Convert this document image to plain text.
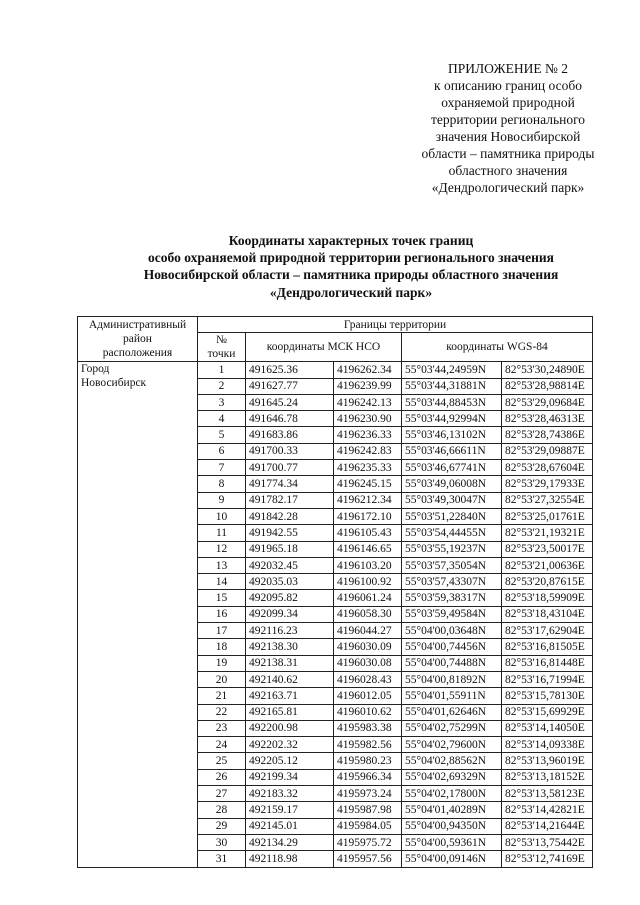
ПРИЛОЖЕНИЕ № 2
к описанию границ особо
охраняемой природной
территории регионального
значения Новосибирской
области – памятника природы
областного значения
«Дендрологический парк»
Координаты характерных точек границ
особо охраняемой природной территории регионального значения
Новосибирской области – памятника природы областного значения
«Дендрологический парк»
Административный
район
расположения	Границы территории				

	№
точки	координаты МСК НСО		координаты WGS-84	

Город
Новосибирск	1	491625.36	4196262.34	55°03'44,24959N	82°53'30,24890E
	2	491627.77	4196239.99	55°03'44,31881N	82°53'28,98814E
	3	491645.24	4196242.13	55°03'44,88453N	82°53'29,09684E
	4	491646.78	4196230.90	55°03'44,92994N	82°53'28,46313E
	5	491683.86	4196236.33	55°03'46,13102N	82°53'28,74386E
	6	491700.33	4196242.83	55°03'46,66611N	82°53'29,09887E
	7	491700.77	4196235.33	55°03'46,67741N	82°53'28,67604E
	8	491774.34	4196245.15	55°03'49,06008N	82°53'29,17933E
	9	491782.17	4196212.34	55°03'49,30047N	82°53'27,32554E
	10	491842.28	4196172.10	55°03'51,22840N	82°53'25,01761E
	11	491942.55	4196105.43	55°03'54,44455N	82°53'21,19321E
	12	491965.18	4196146.65	55°03'55,19237N	82°53'23,50017E
	13	492032.45	4196103.20	55°03'57,35054N	82°53'21,00636E
	14	492035.03	4196100.92	55°03'57,43307N	82°53'20,87615E
	15	492095.82	4196061.24	55°03'59,38317N	82°53'18,59909E
	16	492099.34	4196058.30	55°03'59,49584N	82°53'18,43104E
	17	492116.23	4196044.27	55°04'00,03648N	82°53'17,62904E
	18	492138.30	4196030.09	55°04'00,74456N	82°53'16,81505E
	19	492138.31	4196030.08	55°04'00,74488N	82°53'16,81448E
	20	492140.62	4196028.43	55°04'00,81892N	82°53'16,71994E
	21	492163.71	4196012.05	55°04'01,55911N	82°53'15,78130E
	22	492165.81	4196010.62	55°04'01,62646N	82°53'15,69929E
	23	492200.98	4195983.38	55°04'02,75299N	82°53'14,14050E
	24	492202.32	4195982.56	55°04'02,79600N	82°53'14,09338E
	25	492205.12	4195980.23	55°04'02,88562N	82°53'13,96019E
	26	492199.34	4195966.34	55°04'02,69329N	82°53'13,18152E
	27	492183.32	4195973.24	55°04'02,17800N	82°53'13,58123E
	28	492159.17	4195987.98	55°04'01,40289N	82°53'14,42821E
	29	492145.01	4195984.05	55°04'00,94350N	82°53'14,21644E
	30	492134.29	4195975.72	55°04'00,59361N	82°53'13,75442E
	31	492118.98	4195957.56	55°04'00,09146N	82°53'12,74169E
